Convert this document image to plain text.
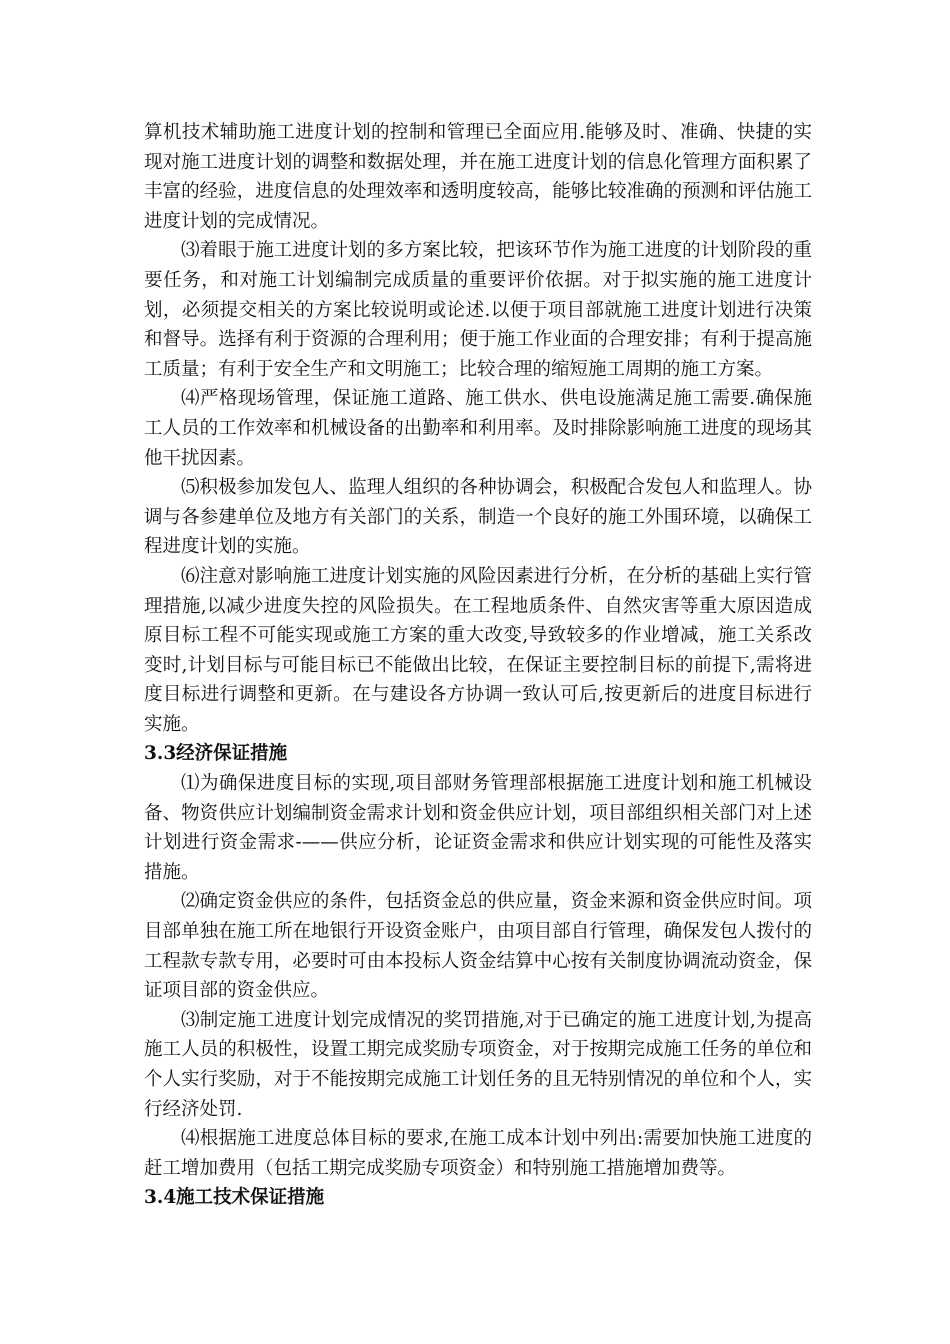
算机技术辅助施工进度计划的控制和管理已全面应用.能够及时、准确、快捷的实现对施工进度计划的调整和数据处理，并在施工进度计划的信息化管理方面积累了丰富的经验，进度信息的处理效率和透明度较高，能够比较准确的预测和评估施工进度计划的完成情况。

⑶着眼于施工进度计划的多方案比较，把该环节作为施工进度的计划阶段的重要任务，和对施工计划编制完成质量的重要评价依据。对于拟实施的施工进度计划，必须提交相关的方案比较说明或论述.以便于项目部就施工进度计划进行决策和督导。选择有利于资源的合理利用；便于施工作业面的合理安排；有利于提高施工质量；有利于安全生产和文明施工；比较合理的缩短施工周期的施工方案。

⑷严格现场管理，保证施工道路、施工供水、供电设施满足施工需要.确保施工人员的工作效率和机械设备的出勤率和利用率。及时排除影响施工进度的现场其他干扰因素。

⑸积极参加发包人、监理人组织的各种协调会，积极配合发包人和监理人。协调与各参建单位及地方有关部门的关系，制造一个良好的施工外围环境，以确保工程进度计划的实施。

⑹注意对影响施工进度计划实施的风险因素进行分析，在分析的基础上实行管理措施,以减少进度失控的风险损失。在工程地质条件、自然灾害等重大原因造成原目标工程不可能实现或施工方案的重大改变,导致较多的作业增减，施工关系改变时,计划目标与可能目标已不能做出比较，在保证主要控制目标的前提下,需将进度目标进行调整和更新。在与建设各方协调一致认可后,按更新后的进度目标进行实施。

3.3经济保证措施

⑴为确保进度目标的实现,项目部财务管理部根据施工进度计划和施工机械设备、物资供应计划编制资金需求计划和资金供应计划，项目部组织相关部门对上述计划进行资金需求-——供应分析，论证资金需求和供应计划实现的可能性及落实措施。

⑵确定资金供应的条件，包括资金总的供应量，资金来源和资金供应时间。项目部单独在施工所在地银行开设资金账户，由项目部自行管理，确保发包人拨付的工程款专款专用，必要时可由本投标人资金结算中心按有关制度协调流动资金，保证项目部的资金供应。

⑶制定施工进度计划完成情况的奖罚措施,对于已确定的施工进度计划,为提高施工人员的积极性，设置工期完成奖励专项资金，对于按期完成施工任务的单位和个人实行奖励，对于不能按期完成施工计划任务的且无特别情况的单位和个人，实行经济处罚.

⑷根据施工进度总体目标的要求,在施工成本计划中列出:需要加快施工进度的赶工增加费用（包括工期完成奖励专项资金）和特别施工措施增加费等。

3.4施工技术保证措施
